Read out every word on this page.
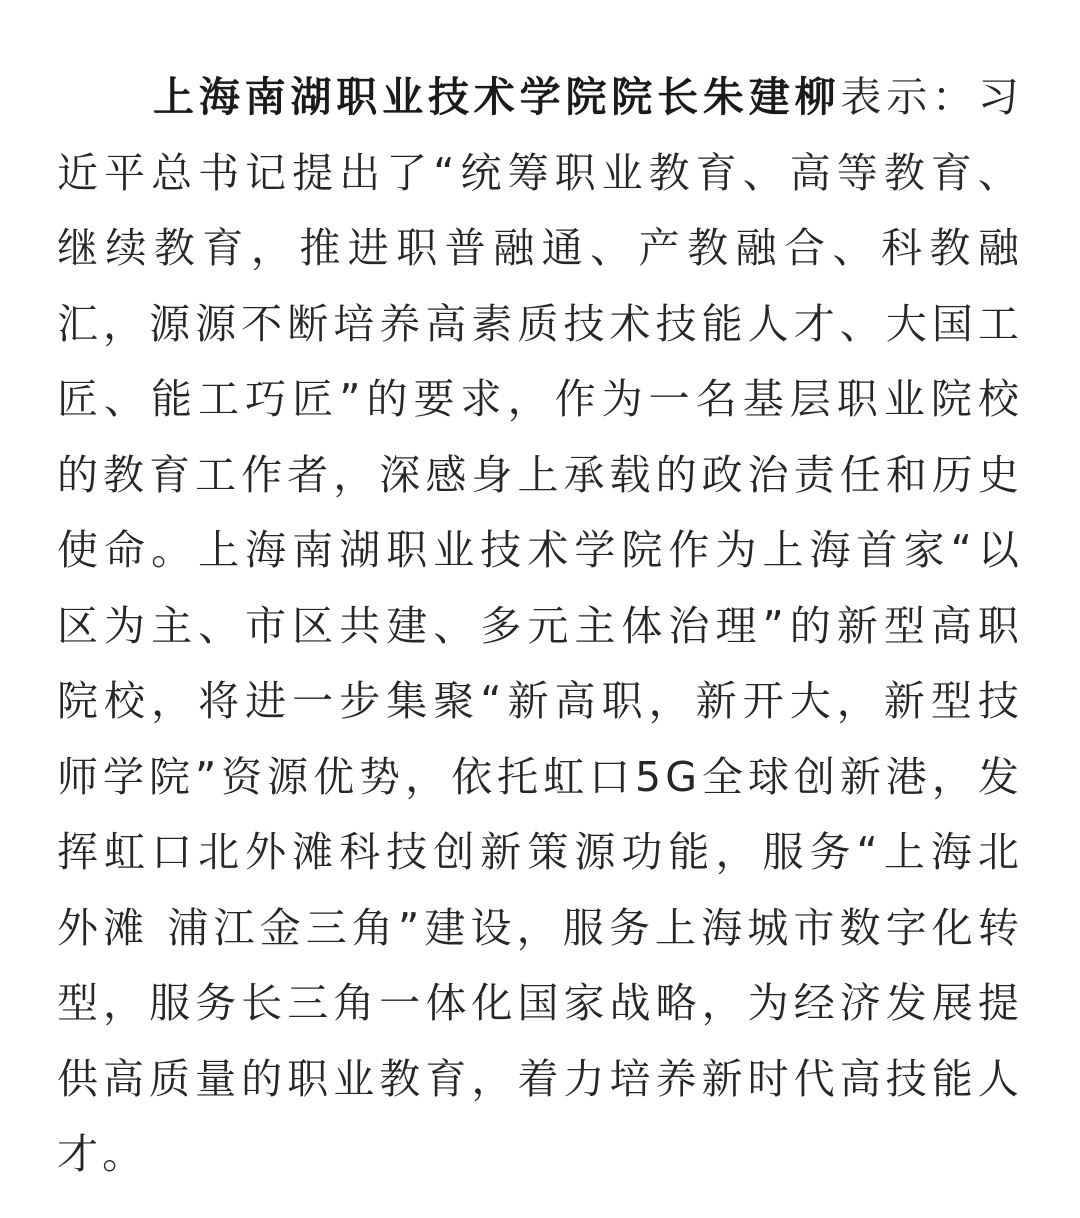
上海南湖职业技术学院院长朱建柳表示：习近平总书记提出了“统筹职业教育、高等教育、继续教育，推进职普融通、产教融合、科教融汇，源源不断培养高素质技术技能人才、大国工匠、能工巧匠”的要求，作为一名基层职业院校的教育工作者，深感身上承载的政治责任和历史使命。上海南湖职业技术学院作为上海首家“以区为主、市区共建、多元主体治理”的新型高职院校，将进一步集聚“新高职，新开大，新型技师学院”资源优势，依托虹口5G全球创新港，发挥虹口北外滩科技创新策源功能，服务“上海北外滩 浦江金三角”建设，服务上海城市数字化转型，服务长三角一体化国家战略，为经济发展提供高质量的职业教育，着力培养新时代高技能人才。
